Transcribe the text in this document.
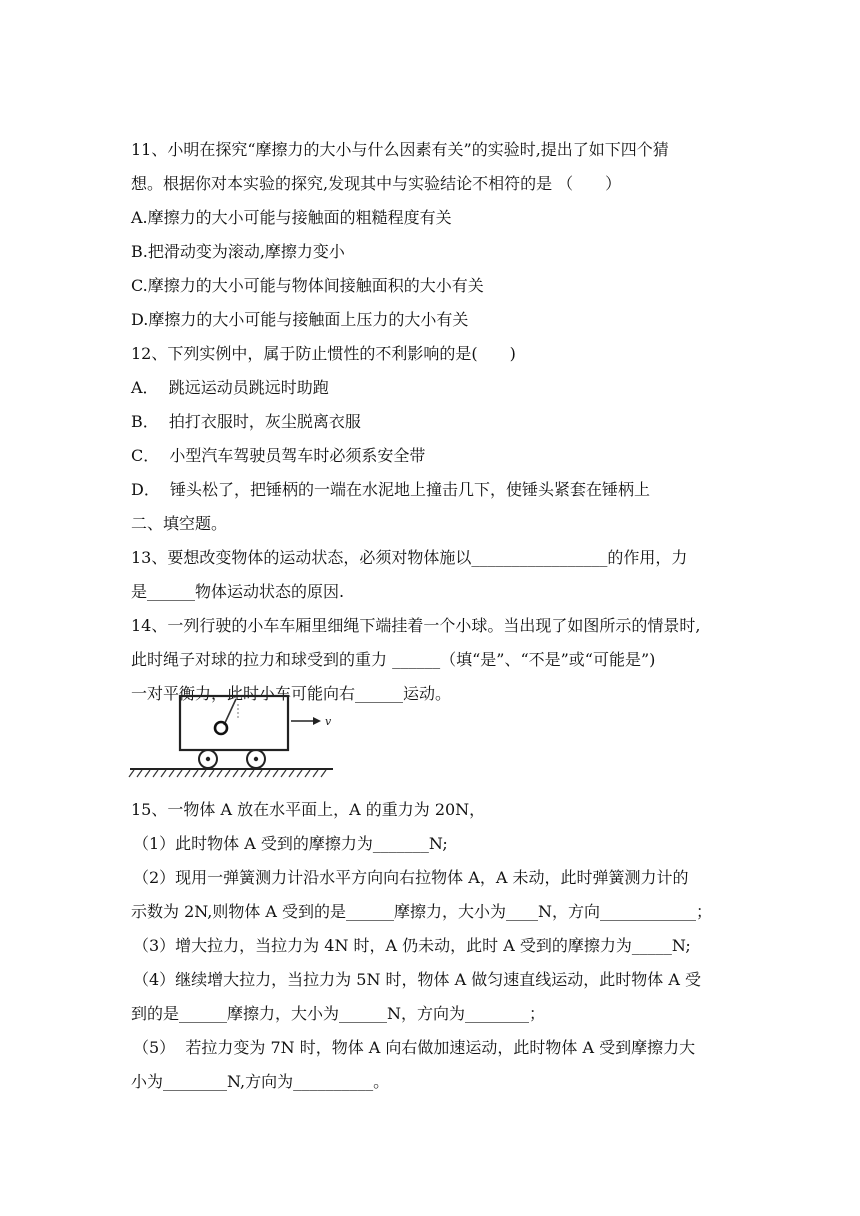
11、小明在探究“摩擦力的大小与什么因素有关”的实验时,提出了如下四个猜
想。根据你对本实验的探究,发现其中与实验结论不相符的是 （　　）
A.摩擦力的大小可能与接触面的粗糙程度有关
B.把滑动变为滚动,摩擦力变小
C.摩擦力的大小可能与物体间接触面积的大小有关
D.摩擦力的大小可能与接触面上压力的大小有关
12、下列实例中，属于防止惯性的不利影响的是(　　)
A．  跳远运动员跳远时助跑
B．  拍打衣服时，灰尘脱离衣服
C．  小型汽车驾驶员驾车时必须系安全带
D．  锤头松了，把锤柄的一端在水泥地上撞击几下，使锤头紧套在锤柄上
二、填空题。
13、要想改变物体的运动状态，必须对物体施以_________________的作用，力
是______物体运动状态的原因.
14、一列行驶的小车车厢里细绳下端挂着一个小球。当出现了如图所示的情景时,
此时绳子对球的拉力和球受到的重力 ______（填“是”、“不是”或“可能是”)
一对平衡力，此时小车可能向右______运动。
v
15、一物体 A 放在水平面上，A 的重力为 20N，
（1）此时物体 A 受到的摩擦力为_______N;
（2）现用一弹簧测力计沿水平方向向右拉物体 A，A 未动，此时弹簧测力计的
示数为 2N,则物体 A 受到的是______摩擦力，大小为____N，方向____________；
（3）增大拉力，当拉力为 4N 时，A 仍未动，此时 A 受到的摩擦力为_____N;
（4）继续增大拉力，当拉力为 5N 时，物体 A 做匀速直线运动，此时物体 A 受
到的是______摩擦力，大小为______N，方向为________；
（5）  若拉力变为 7N 时，物体 A 向右做加速运动，此时物体 A 受到摩擦力大
小为________N,方向为__________。
